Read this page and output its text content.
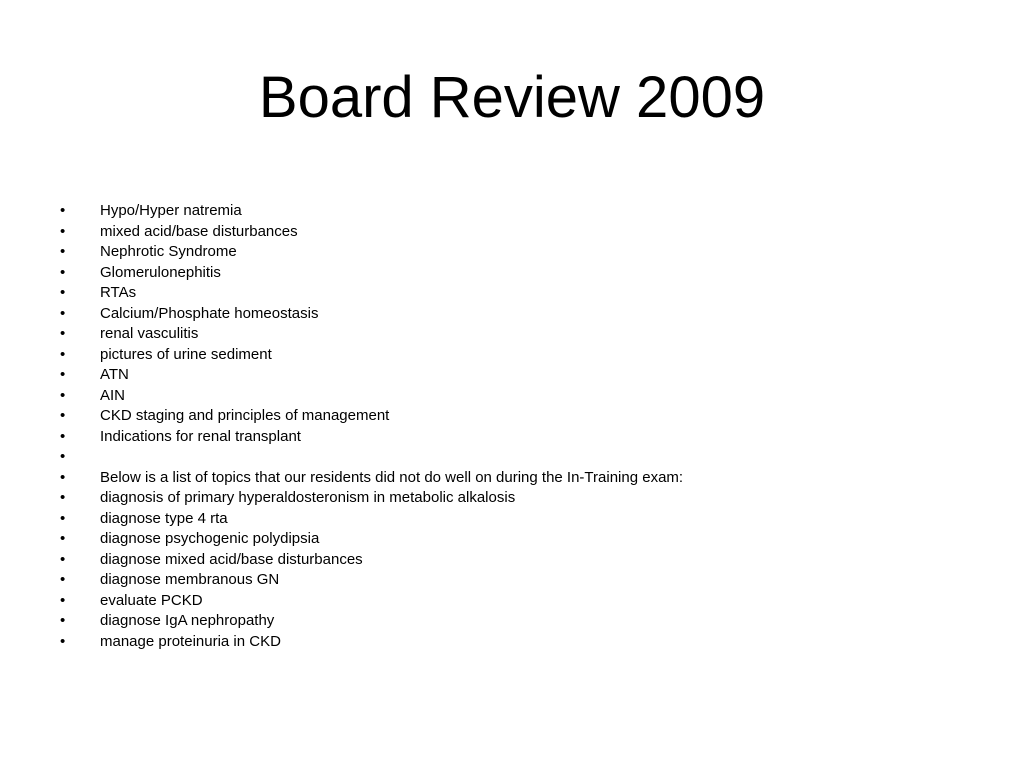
Board Review 2009
•	Hypo/Hyper natremia
•	mixed acid/base disturbances
•	Nephrotic Syndrome
•	Glomerulonephitis
•	RTAs
•	Calcium/Phosphate homeostasis
•	renal vasculitis
•	pictures of urine sediment
•	ATN
•	AIN
•	CKD staging and principles of management
•	Indications for renal transplant
•
•	Below is a list of topics that our residents did not do well on during the In-Training exam:
•	diagnosis of primary hyperaldosteronism in metabolic alkalosis
•	diagnose type 4 rta
•	diagnose psychogenic polydipsia
•	diagnose mixed acid/base disturbances
•	diagnose membranous GN
•	evaluate PCKD
•	diagnose IgA nephropathy
•	manage proteinuria in CKD
